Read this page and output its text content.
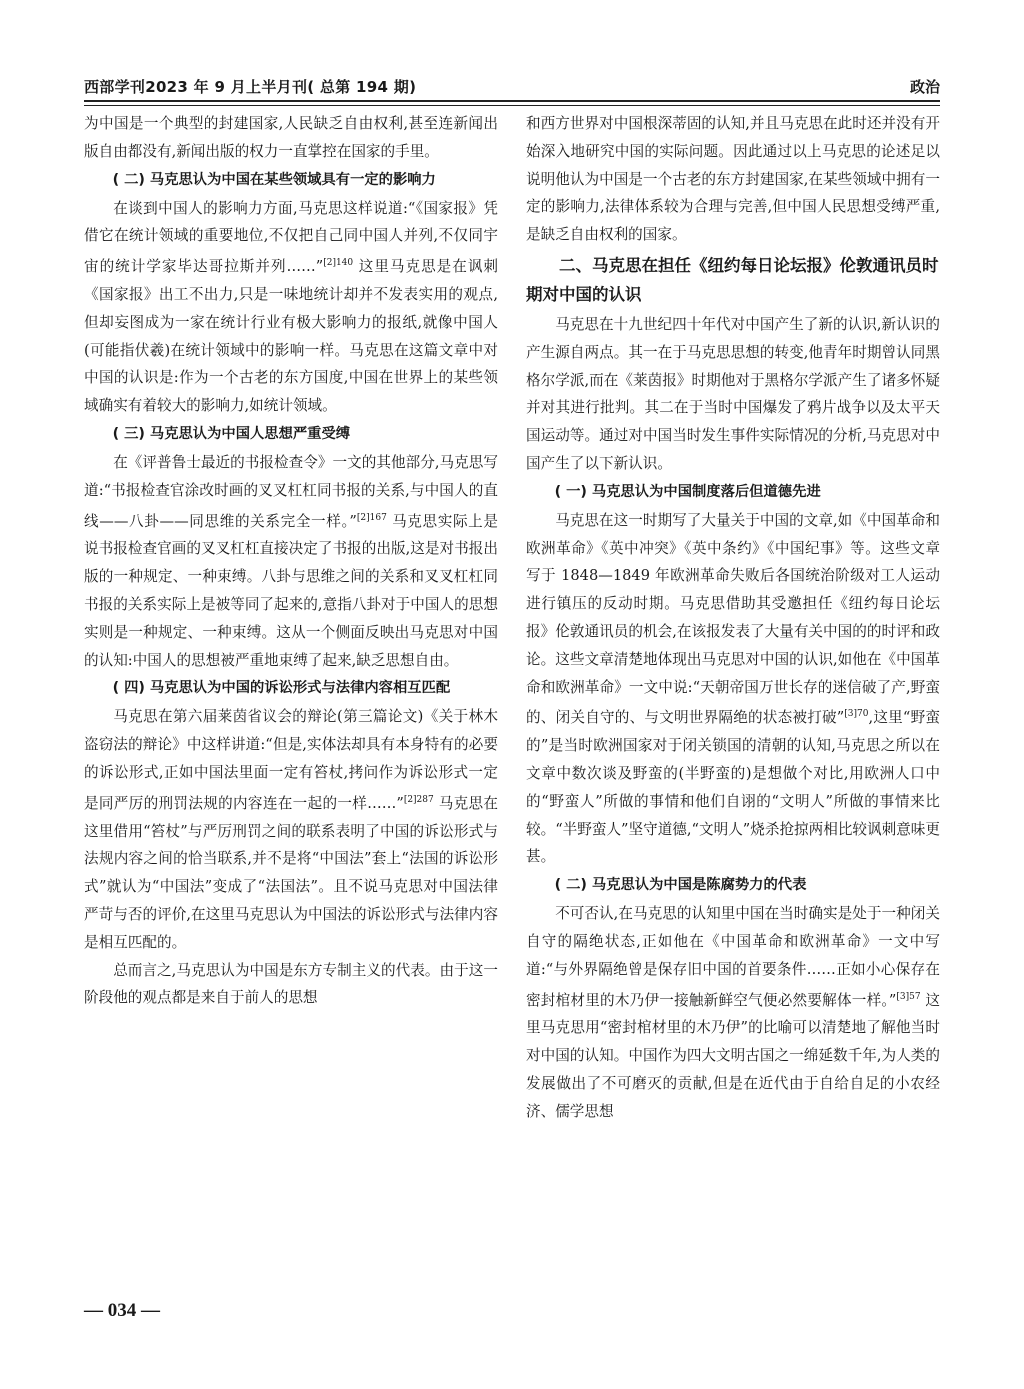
西部学刊2023 年 9 月上半月刊( 总第 194 期)	政治

为中国是一个典型的封建国家,人民缺乏自由权利,甚至连新闻出版自由都没有,新闻出版的权力一直掌控在国家的手里。

( 二) 马克思认为中国在某些领域具有一定的影响力

在谈到中国人的影响力方面,马克思这样说道:“《国家报》凭借它在统计领域的重要地位,不仅把自己同中国人并列,不仅同宇宙的统计学家毕达哥拉斯并列……”$^{[2]140}$ 这里马克思是在讽刺《国家报》出工不出力,只是一味地统计却并不发表实用的观点,但却妄图成为一家在统计行业有极大影响力的报纸,就像中国人(可能指伏羲)在统计领域中的影响一样。马克思在这篇文章中对中国的认识是:作为一个古老的东方国度,中国在世界上的某些领域确实有着较大的影响力,如统计领域。

( 三) 马克思认为中国人思想严重受缚

在《评普鲁士最近的书报检查令》一文的其他部分,马克思写道:“书报检查官涂改时画的叉叉杠杠同书报的关系,与中国人的直线——八卦——同思维的关系完全一样。”$^{[2]167}$ 马克思实际上是说书报检查官画的叉叉杠杠直接决定了书报的出版,这是对书报出版的一种规定、一种束缚。八卦与思维之间的关系和叉叉杠杠同书报的关系实际上是被等同了起来的,意指八卦对于中国人的思想实则是一种规定、一种束缚。这从一个侧面反映出马克思对中国的认知:中国人的思想被严重地束缚了起来,缺乏思想自由。

( 四) 马克思认为中国的诉讼形式与法律内容相互匹配

马克思在第六届莱茵省议会的辩论(第三篇论文)《关于林木盗窃法的辩论》中这样讲道:“但是,实体法却具有本身特有的必要的诉讼形式,正如中国法里面一定有笞杖,拷问作为诉讼形式一定是同严厉的刑罚法规的内容连在一起的一样……”$^{[2]287}$ 马克思在这里借用“笞杖”与严厉刑罚之间的联系表明了中国的诉讼形式与法规内容之间的恰当联系,并不是将“中国法”套上“法国的诉讼形式”就认为“中国法”变成了“法国法”。且不说马克思对中国法律严苛与否的评价,在这里马克思认为中国法的诉讼形式与法律内容是相互匹配的。

总而言之,马克思认为中国是东方专制主义的代表。由于这一阶段他的观点都是来自于前人的思想

和西方世界对中国根深蒂固的认知,并且马克思在此时还并没有开始深入地研究中国的实际问题。因此通过以上马克思的论述足以说明他认为中国是一个古老的东方封建国家,在某些领域中拥有一定的影响力,法律体系较为合理与完善,但中国人民思想受缚严重,是缺乏自由权利的国家。

二、马克思在担任《纽约每日论坛报》伦敦通讯员时期对中国的认识

马克思在十九世纪四十年代对中国产生了新的认识,新认识的产生源自两点。其一在于马克思思想的转变,他青年时期曾认同黑格尔学派,而在《莱茵报》时期他对于黑格尔学派产生了诸多怀疑并对其进行批判。其二在于当时中国爆发了鸦片战争以及太平天国运动等。通过对中国当时发生事件实际情况的分析,马克思对中国产生了以下新认识。

( 一) 马克思认为中国制度落后但道德先进

马克思在这一时期写了大量关于中国的文章,如《中国革命和欧洲革命》《英中冲突》《英中条约》《中国纪事》等。这些文章写于 1848—1849 年欧洲革命失败后各国统治阶级对工人运动进行镇压的反动时期。马克思借助其受邀担任《纽约每日论坛报》伦敦通讯员的机会,在该报发表了大量有关中国的的时评和政论。这些文章清楚地体现出马克思对中国的认识,如他在《中国革命和欧洲革命》一文中说:“天朝帝国万世长存的迷信破了产,野蛮的、闭关自守的、与文明世界隔绝的状态被打破”$^{[3]70}$,这里“野蛮的”是当时欧洲国家对于闭关锁国的清朝的认知,马克思之所以在文章中数次谈及野蛮的(半野蛮的)是想做个对比,用欧洲人口中的“野蛮人”所做的事情和他们自诩的“文明人”所做的事情来比较。“半野蛮人”坚守道德,“文明人”烧杀抢掠两相比较讽刺意味更甚。

( 二) 马克思认为中国是陈腐势力的代表

不可否认,在马克思的认知里中国在当时确实是处于一种闭关自守的隔绝状态,正如他在《中国革命和欧洲革命》一文中写道:“与外界隔绝曾是保存旧中国的首要条件……正如小心保存在密封棺材里的木乃伊一接触新鲜空气便必然要解体一样。”$^{[3]57}$ 这里马克思用“密封棺材里的木乃伊”的比喻可以清楚地了解他当时对中国的认知。中国作为四大文明古国之一绵延数千年,为人类的发展做出了不可磨灭的贡献,但是在近代由于自给自足的小农经济、儒学思想

— 034 —
